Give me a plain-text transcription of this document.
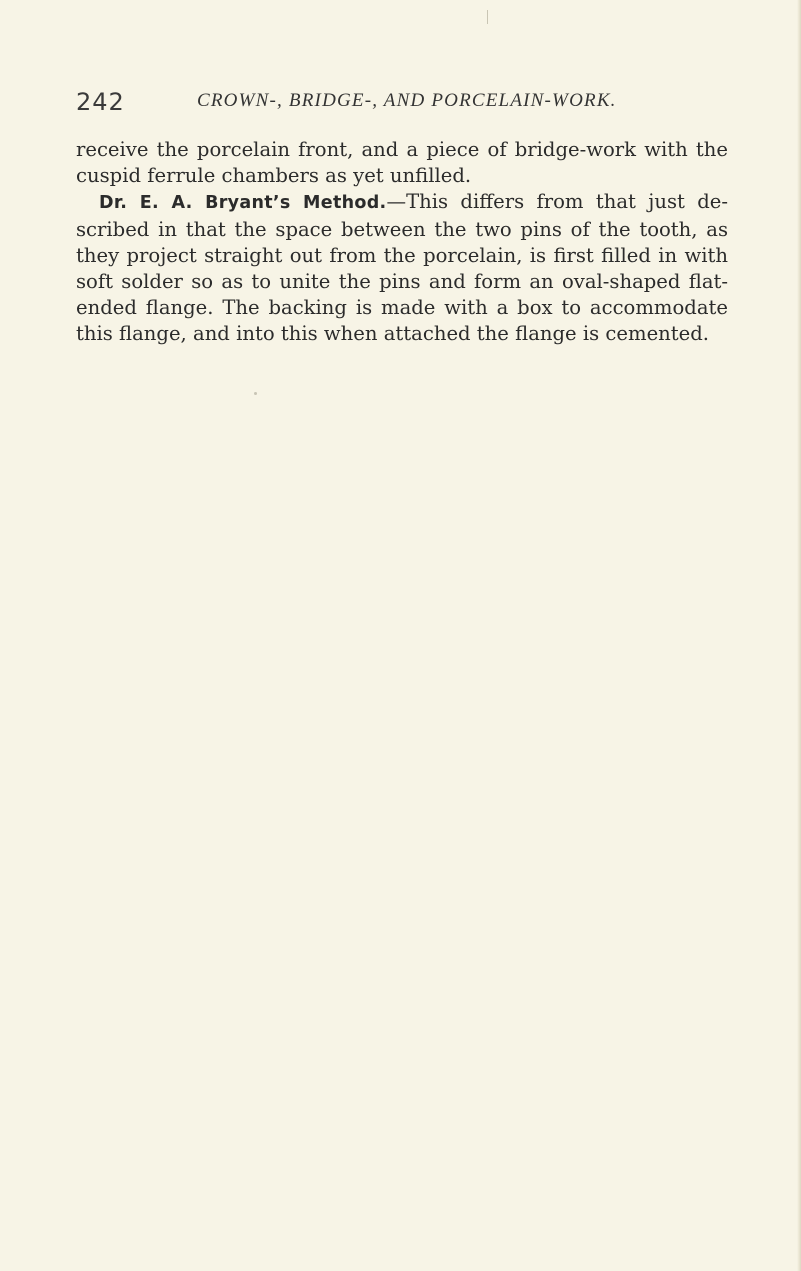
242	CROWN-, BRIDGE-, AND PORCELAIN-WORK.

receive the porcelain front, and a piece of bridge-work with the cuspid ferrule chambers as yet unfilled.

Dr. E. A. Bryant’s Method.—This differs from that just de- scribed in that the space between the two pins of the tooth, as they project straight out from the porcelain, is first filled in with soft solder so as to unite the pins and form an oval-shaped flat- ended flange. The backing is made with a box to accommodate this flange, and into this when attached the flange is cemented.
